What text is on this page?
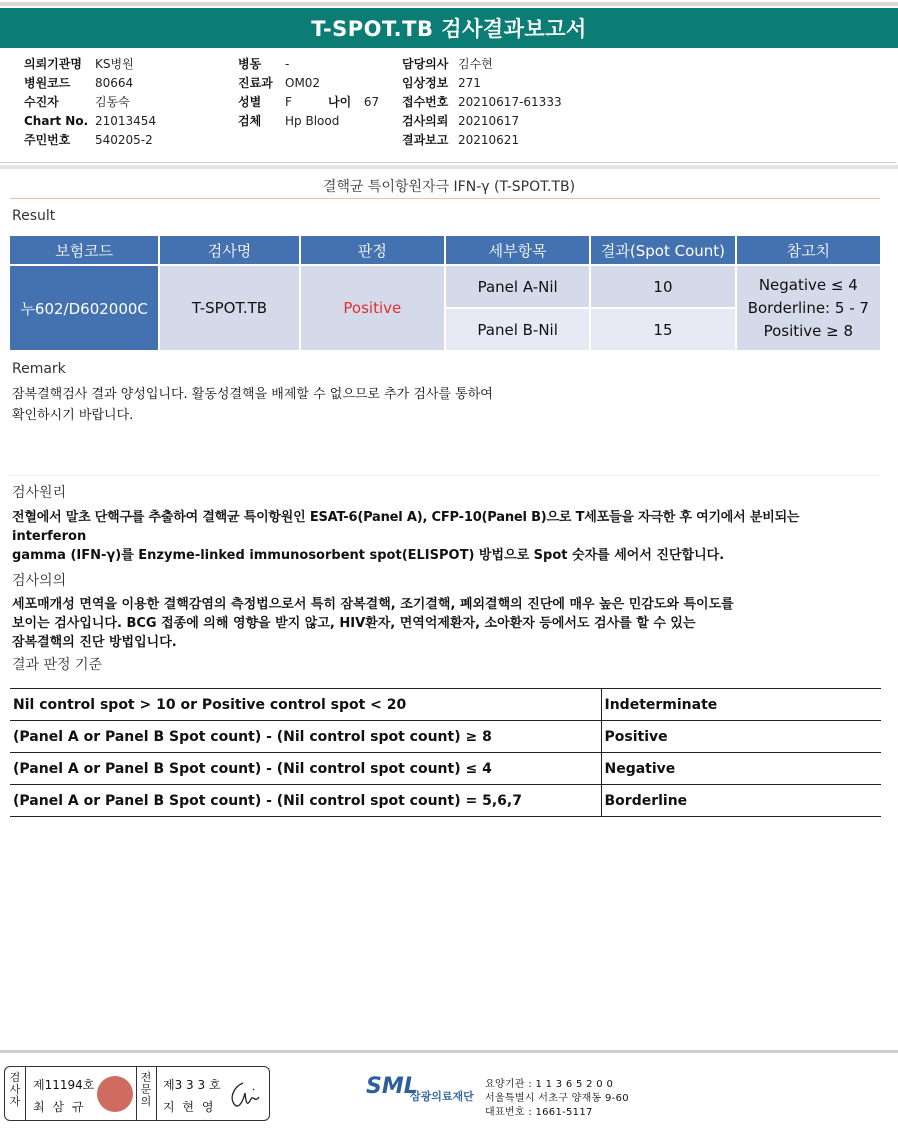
T-SPOT.TB 검사결과보고서
의뢰기관명 KS병원
병원코드 80664
수진자	김동숙
Chart No. 21013454
주민번호 540205-2
병동 -
진료과 OM02
성별 F
검체 Hp Blood
나이 67
담당의사 김수현
임상정보 271
접수번호 20210617-61333
검사의뢰 20210617
결과보고 20210621
결핵균 특이항원자극 IFN-γ (T-SPOT.TB)
Result
보험코드	검사명	판정	세부항목	결과(Spot Count)	참고치
누602/D602000C	T-SPOT.TB	Positive	Panel A-Nil	10	Negative ≤ 4
Borderline: 5 - 7
Positive ≥ 8

			Panel B-Nil	15	
Remark
잠복결핵검사 결과 양성입니다. 활동성결핵을 배제할 수 없으므로 추가 검사를 통하여
확인하시기 바랍니다.
검사원리
전혈에서 말초 단핵구를 추출하여 결핵균 특이항원인 ESAT-6(Panel A), CFP-10(Panel B)으로 T세포들을 자극한 후 여기에서 분비되는
interferon
gamma (IFN-γ)를 Enzyme-linked immunosorbent spot(ELISPOT) 방법으로 Spot 숫자를 세어서 진단합니다.
검사의의
세포매개성 면역을 이용한 결핵감염의 측정법으로서 특히 잠복결핵, 조기결핵, 폐외결핵의 진단에 매우 높은 민감도와 특이도를
보이는 검사입니다. BCG 접종에 의해 영향을 받지 않고, HIV환자, 면역억제환자, 소아환자 등에서도 검사를 할 수 있는
잠복결핵의 진단 방법입니다.
결과 판정 기준
Nil control spot > 10 or Positive control spot < 20	Indeterminate
(Panel A or Panel B Spot count) - (Nil control spot count) ≥ 8	Positive
(Panel A or Panel B Spot count) - (Nil control spot count) ≤ 4	Negative
(Panel A or Panel B Spot count) - (Nil control spot count) = 5,6,7	Borderline
검
사
자
제11194호
최 삼 규
전
문
의
제3 3 3 호
지 현 영
SML
삼광의료재단
요양기관 : 1 1 3 6 5 2 0 0
서울특별시 서초구 양재동 9-60
대표번호 : 1661-5117
